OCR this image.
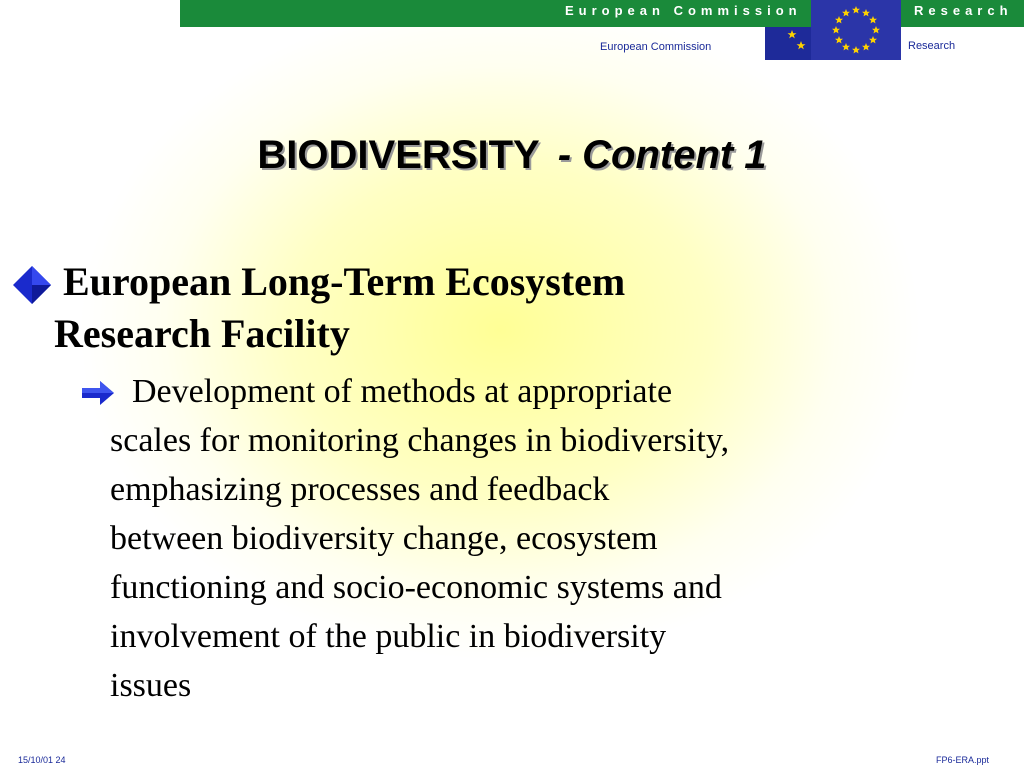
European Commission	Research
European Commission	Research
BIODIVERSITY - Content 1
European Long-Term Ecosystem
Research Facility
Development of methods at appropriate
scales for monitoring changes in biodiversity,
emphasizing processes and feedback
between biodiversity change, ecosystem
functioning and socio-economic systems and
involvement of the public in biodiversity
issues
15/10/01 24	FP6-ERA.ppt
